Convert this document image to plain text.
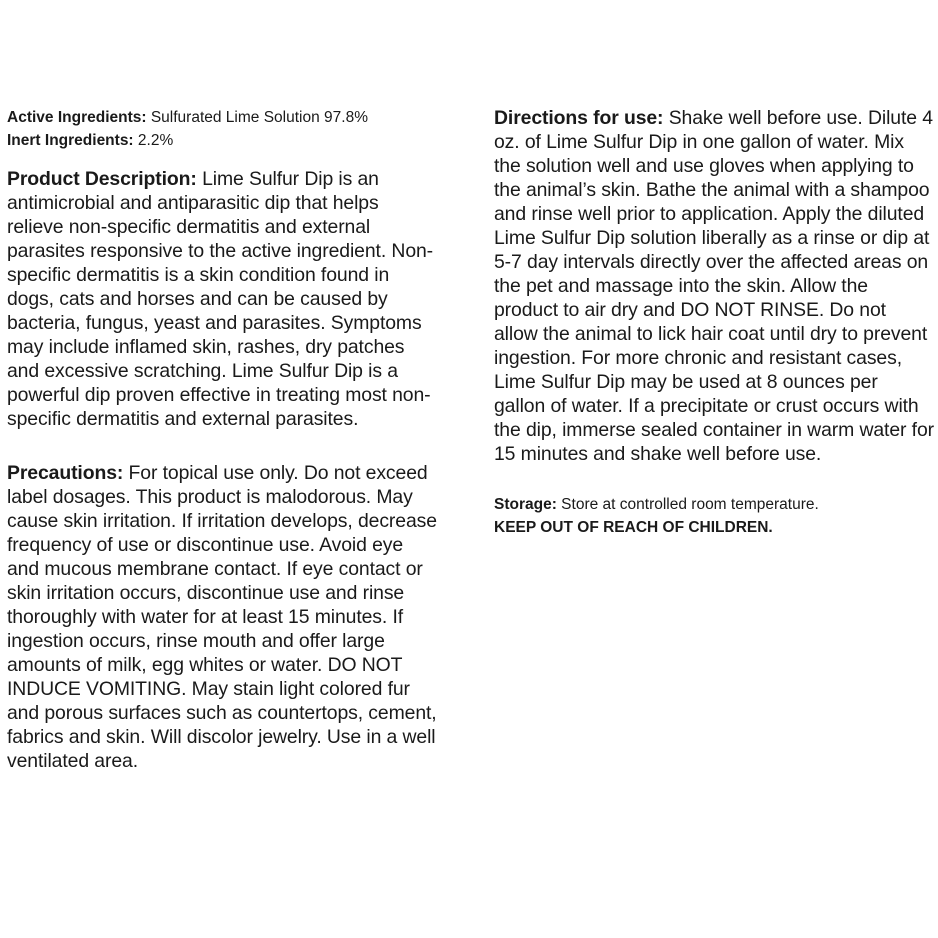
Active Ingredients: Sulfurated Lime Solution 97.8%

Inert Ingredients: 2.2%

Product Description: Lime Sulfur Dip is an antimicrobial and antiparasitic dip that helps relieve non-specific dermatitis and external parasites responsive to the active ingredient. Non-specific dermatitis is a skin condition found in dogs, cats and horses and can be caused by bacteria, fungus, yeast and parasites. Symptoms may include inflamed skin, rashes, dry patches and excessive scratching. Lime Sulfur Dip is a powerful dip proven effective in treating most non-specific dermatitis and external parasites.

Precautions: For topical use only. Do not exceed label dosages. This product is malodorous. May cause skin irritation. If irritation develops, decrease frequency of use or discontinue use. Avoid eye and mucous membrane contact. If eye contact or skin irritation occurs, discontinue use and rinse thoroughly with water for at least 15 minutes. If ingestion occurs, rinse mouth and offer large amounts of milk, egg whites or water. DO NOT INDUCE VOMITING. May stain light colored fur and porous surfaces such as countertops, cement, fabrics and skin. Will discolor jewelry. Use in a well ventilated area.

Directions for use: Shake well before use. Dilute 4 oz. of Lime Sulfur Dip in one gallon of water. Mix the solution well and use gloves when applying to the animal’s skin. Bathe the animal with a shampoo and rinse well prior to application. Apply the diluted Lime Sulfur Dip solution liberally as a rinse or dip at 5-7 day intervals directly over the affected areas on the pet and massage into the skin. Allow the product to air dry and DO NOT RINSE. Do not allow the animal to lick hair coat until dry to prevent ingestion. For more chronic and resistant cases, Lime Sulfur Dip may be used at 8 ounces per gallon of water. If a precipitate or crust occurs with the dip, immerse sealed container in warm water for 15 minutes and shake well before use.

Storage: Store at controlled room temperature.

KEEP OUT OF REACH OF CHILDREN.
